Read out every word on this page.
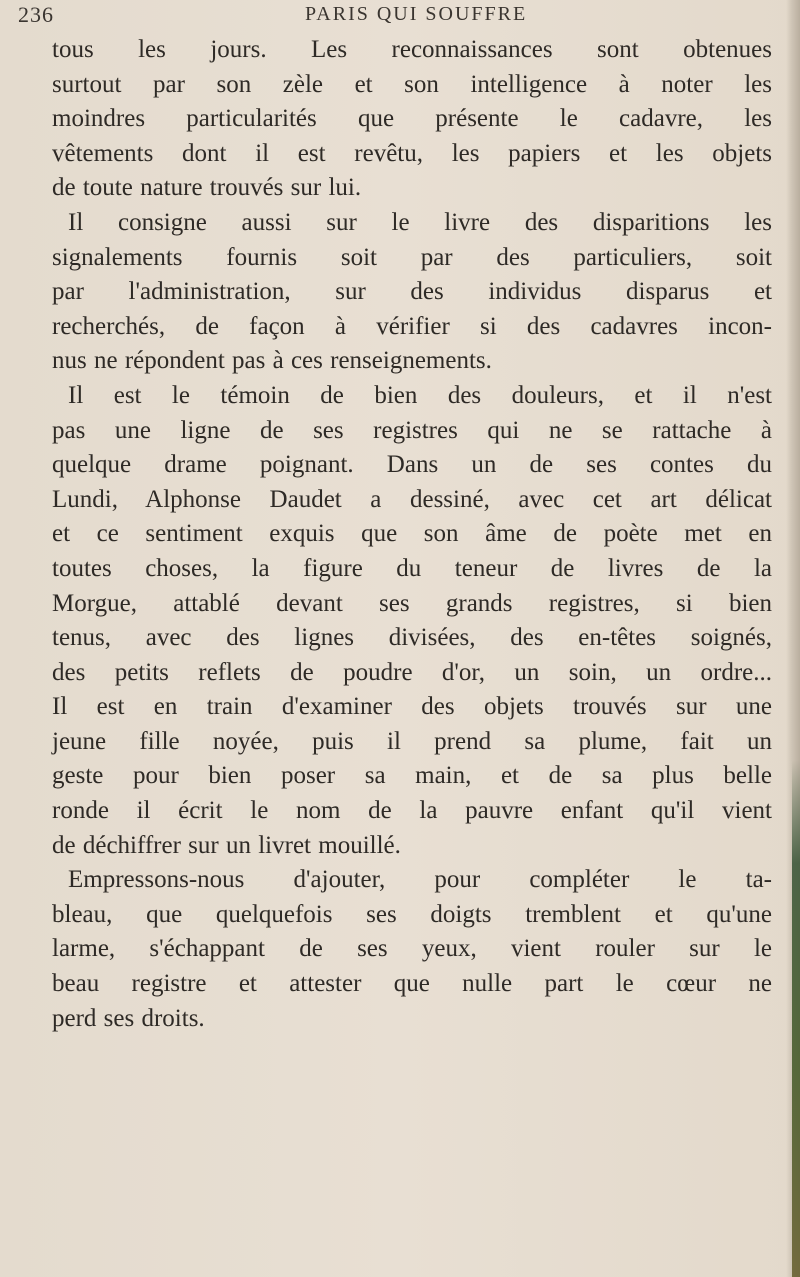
236	PARIS QUI SOUFFRE
tous les jours. Les reconnaissances sont obtenues
surtout par son zèle et son intelligence à noter les
moindres particularités que présente le cadavre, les
vêtements dont il est revêtu, les papiers et les objets
de toute nature trouvés sur lui.
Il consigne aussi sur le livre des disparitions les
signalements fournis soit par des particuliers, soit
par l'administration, sur des individus disparus et
recherchés, de façon à vérifier si des cadavres incon-
nus ne répondent pas à ces renseignements.
Il est le témoin de bien des douleurs, et il n'est
pas une ligne de ses registres qui ne se rattache à
quelque drame poignant. Dans un de ses contes du
Lundi, Alphonse Daudet a dessiné, avec cet art délicat
et ce sentiment exquis que son âme de poète met en
toutes choses, la figure du teneur de livres de la
Morgue, attablé devant ses grands registres, si bien
tenus, avec des lignes divisées, des en-têtes soignés,
des petits reflets de poudre d'or, un soin, un ordre...
Il est en train d'examiner des objets trouvés sur une
jeune fille noyée, puis il prend sa plume, fait un
geste pour bien poser sa main, et de sa plus belle
ronde il écrit le nom de la pauvre enfant qu'il vient
de déchiffrer sur un livret mouillé.
Empressons-nous d'ajouter, pour compléter le ta-
bleau, que quelquefois ses doigts tremblent et qu'une
larme, s'échappant de ses yeux, vient rouler sur le
beau registre et attester que nulle part le cœur ne
perd ses droits.
